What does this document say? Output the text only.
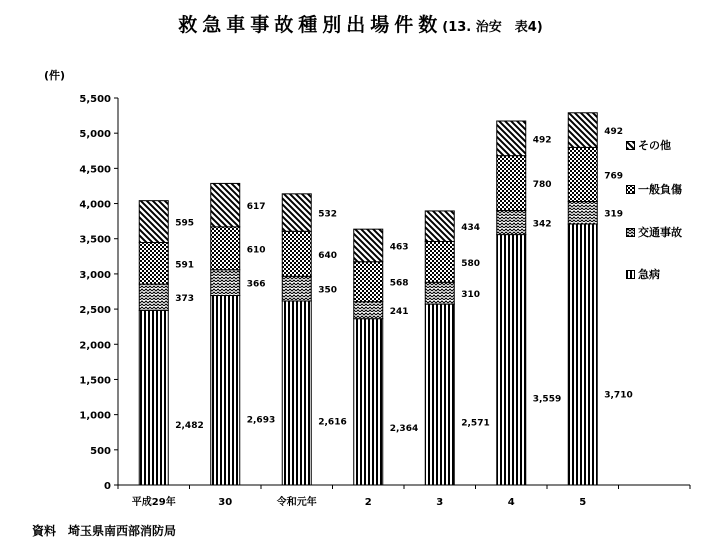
救急車事故種別出場件数(13. 治安　表4)
(件)
0
500
1,000
1,500
2,000
2,500
3,000
3,500
4,000
4,500
5,000
5,500
2,482
373
591
595
2,693
366
610
617
2,616
350
640
532
2,364
241
568
463
2,571
310
580
434
3,559
342
780
492
3,710
319
769
492
平成29年	30	令和元年	2	3	4	5
その他
一般負傷
交通事故
急病
資料　埼玉県南西部消防局
